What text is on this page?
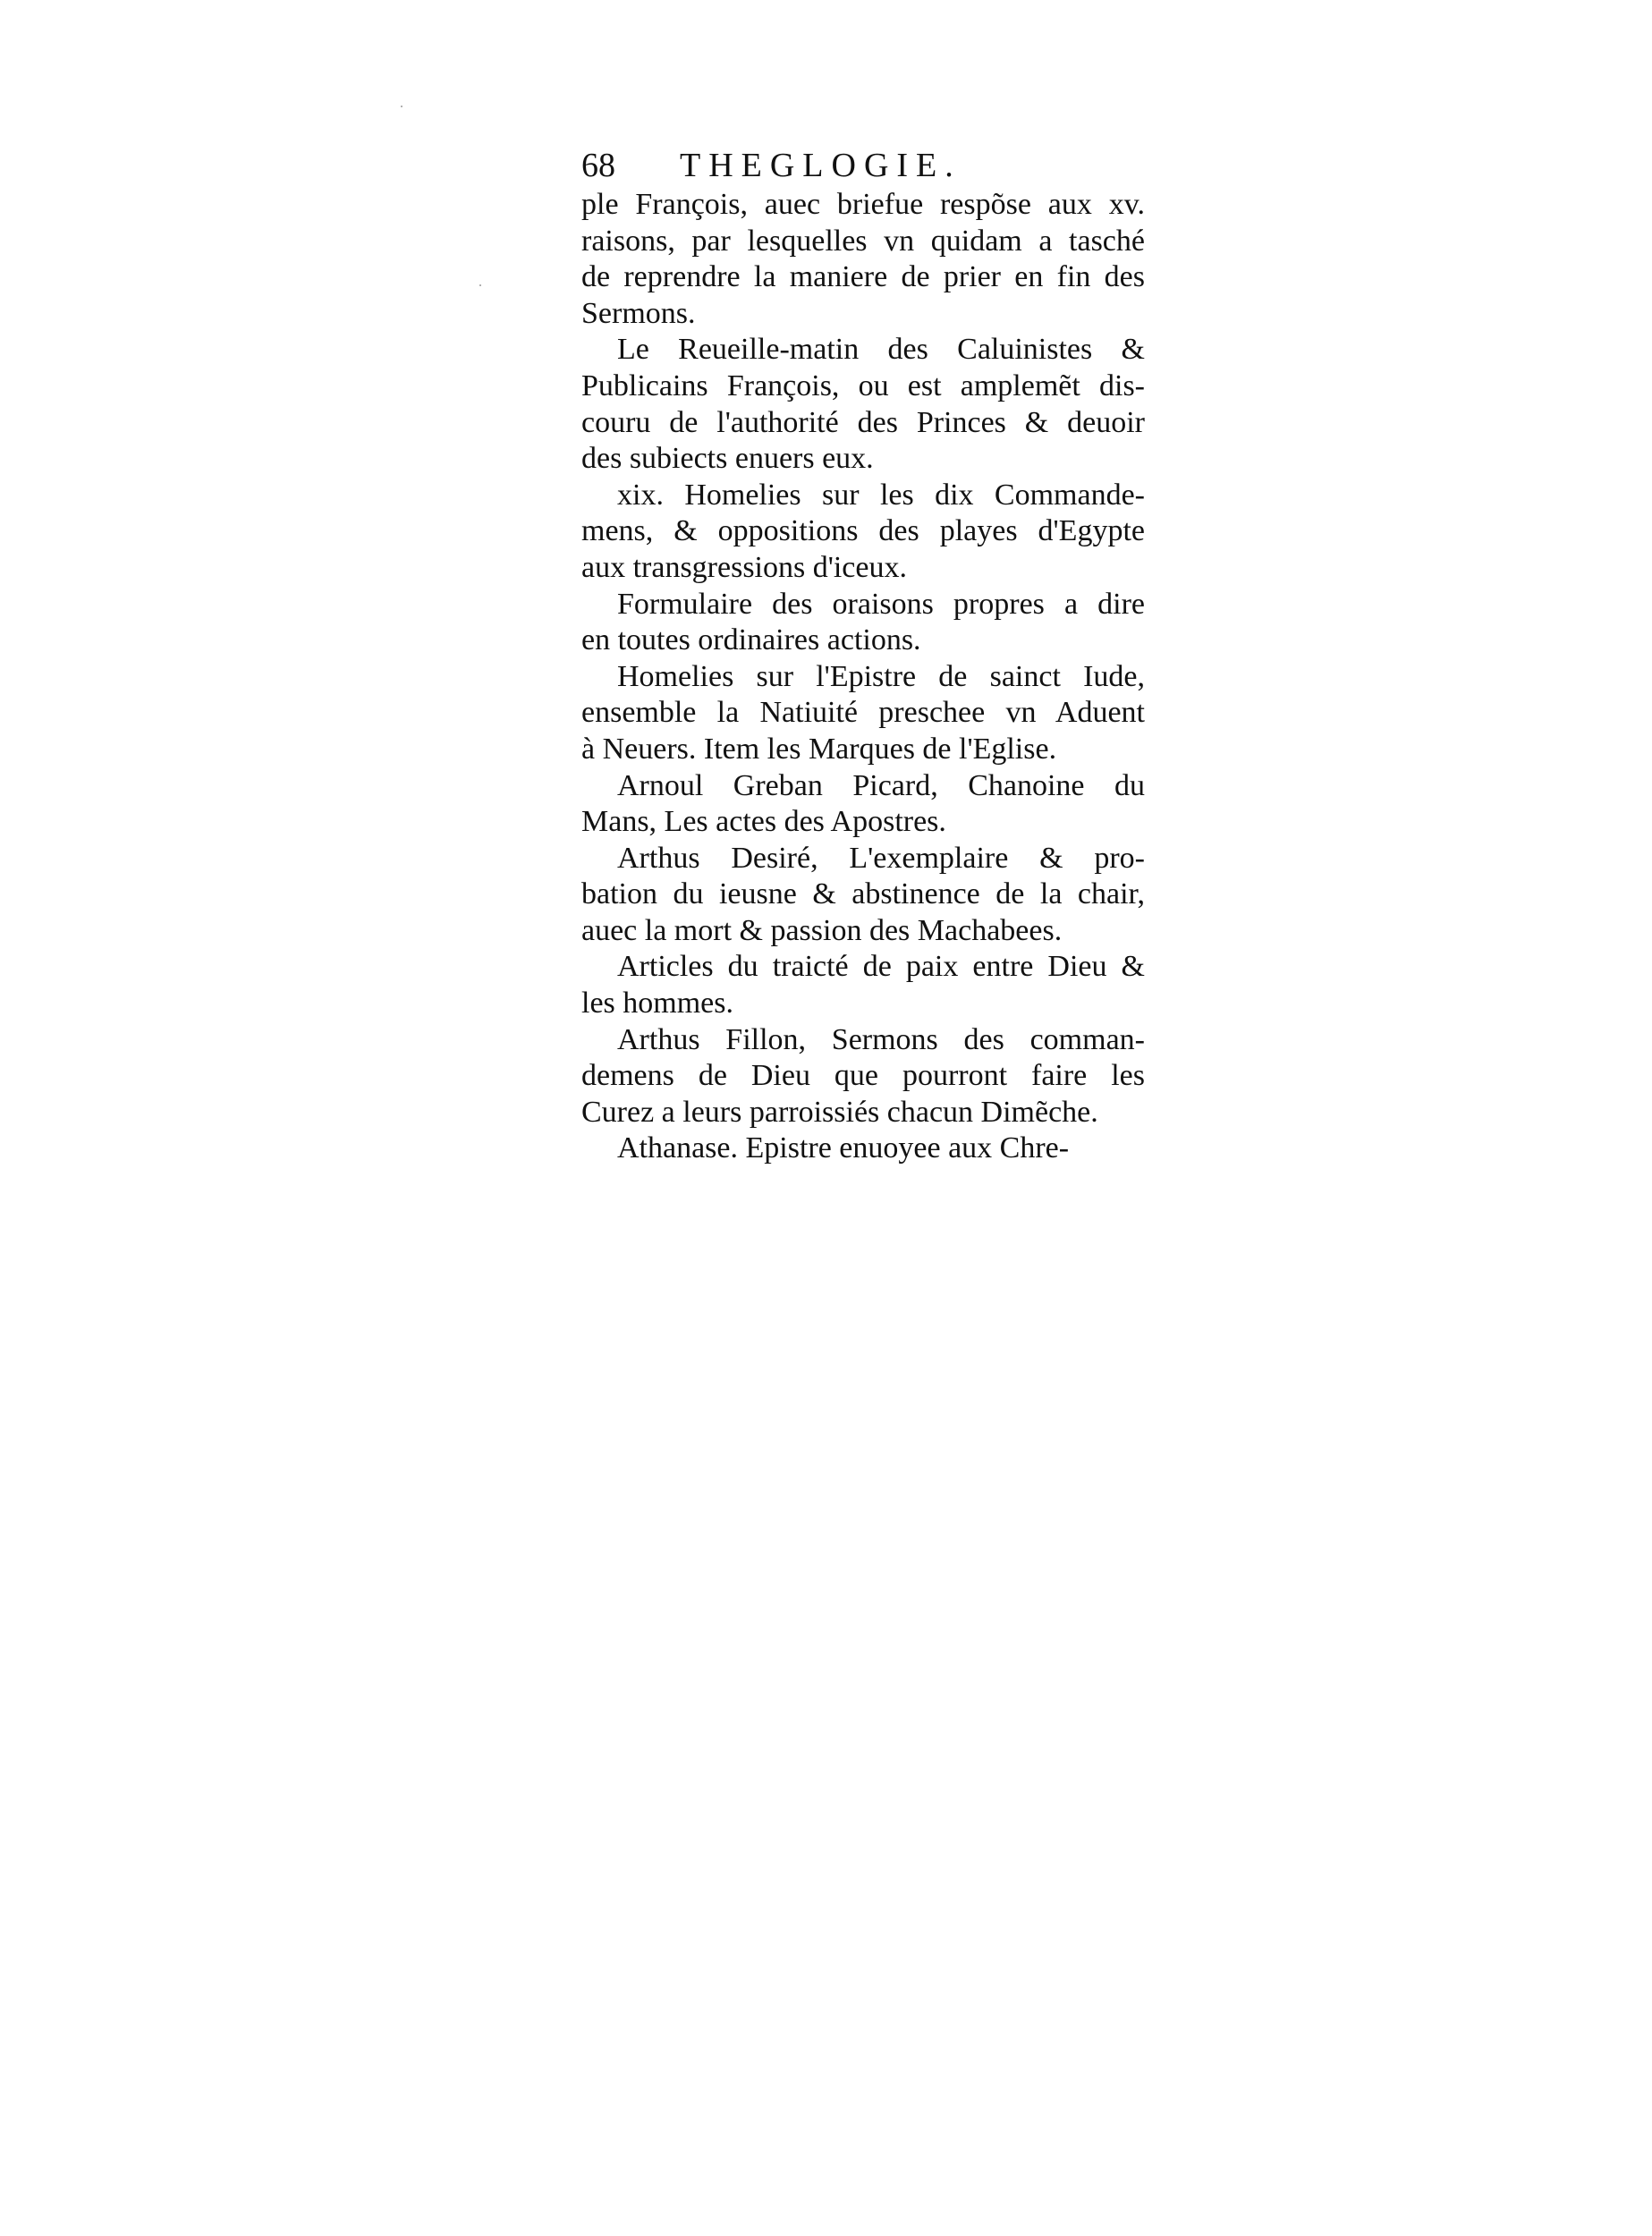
68	THEGLOGIE.
ple François, auec briefue respõse aux xv.
raisons, par lesquelles vn quidam a tasché
de reprendre la maniere de prier en fin des
Sermons.
Le Reueille-matin des Caluinistes &
Publicains François, ou est amplemẽt dis-
couru de l'authorité des Princes & deuoir
des subiects enuers eux.
xix. Homelies sur les dix Commande-
mens, & oppositions des playes d'Egypte
aux transgressions d'iceux.
Formulaire des oraisons propres a dire
en toutes ordinaires actions.
Homelies sur l'Epistre de sainct Iude,
ensemble la Natiuité preschee vn Aduent
à Neuers. Item les Marques de l'Eglise.
Arnoul Greban Picard, Chanoine du
Mans, Les actes des Apostres.
Arthus Desiré, L'exemplaire & pro-
bation du ieusne & abstinence de la chair,
auec la mort & passion des Machabees.
Articles du traicté de paix entre Dieu &
les hommes.
Arthus Fillon, Sermons des comman-
demens de Dieu que pourront faire les
Curez a leurs parroissiés chacun Dimẽche.
Athanase. Epistre enuoyee aux Chre-
